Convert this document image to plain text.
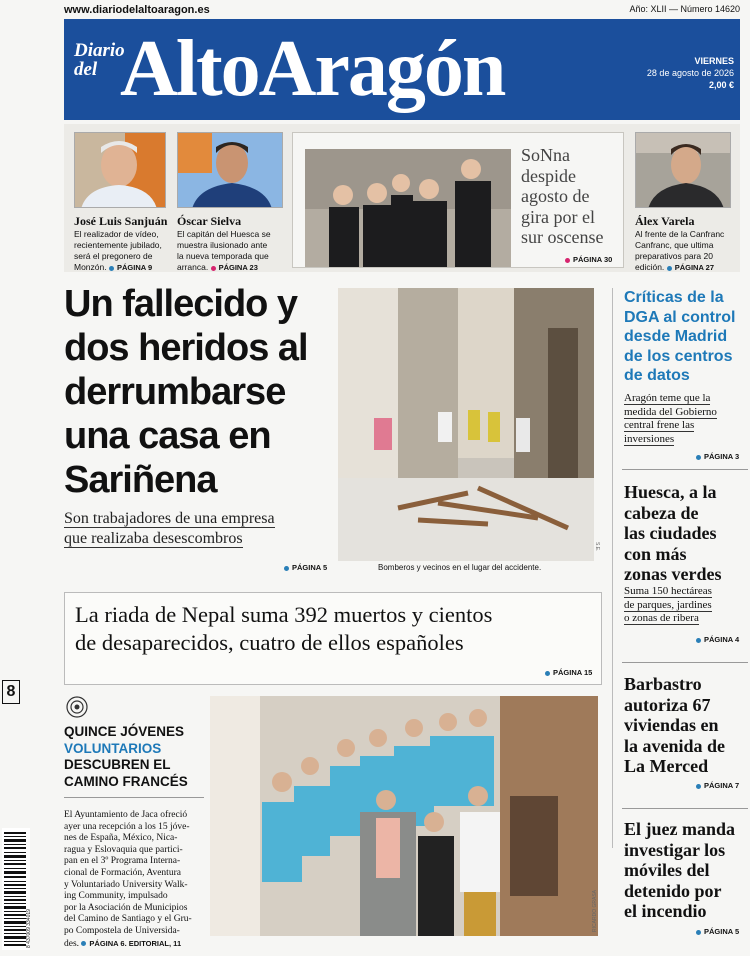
www.diariodelaltoaragon.es	Año: XLII — Número 14620
Diario
del AltoAragón	VIERNES
28 de agosto de 2026
2,00 €
José Luis Sanjuán
El realizador de vídeo,
recientemente jubilado,
será el pregonero de
Monzón. PÁGINA 9
Óscar Sielva
El capitán del Huesca se
muestra ilusionado ante
la nueva temporada que
arranca. PÁGINA 23
SoNna
despide
agosto de
gira por el
sur oscense
PÁGINA 30
Álex Varela
Al frente de la Canfranc
Canfranc, que ultima
preparativos para 20
edición. PÁGINA 27
Un fallecido y
dos heridos al
derrumbarse
una casa en
Sariñena
Son trabajadores de una empresa
que realizaba desescombros
PÁGINA 5	Bomberos y vecinos en el lugar del accidente.
S.E.
Críticas de la
DGA al control
desde Madrid
de los centros
de datos
Aragón teme que la
medida del Gobierno
central frene las
inversiones
PÁGINA 3
Huesca, a la
cabeza de
las ciudades
con más
zonas verdes
Suma 150 hectáreas
de parques, jardines
o zonas de ribera
PÁGINA 4
Barbastro
autoriza 67
viviendas en
la avenida de
La Merced
PÁGINA 7
El juez manda
investigar los
móviles del
detenido por
el incendio
PÁGINA 5
La riada de Nepal suma 392 muertos y cientos
de desaparecidos, cuatro de ellos españoles
PÁGINA 15
QUINCE JÓVENES
VOLUNTARIOS
DESCUBREN EL
CAMINO FRANCÉS
El Ayuntamiento de Jaca ofreció
ayer una recepción a los 15 jóve-
nes de España, México, Nica-
ragua y Eslovaquia que partici-
pan en el 3º Programa Interna-
cional de Formación, Aventura
y Voluntariado University Walk-
ing Community, impulsado
por la Asociación de Municipios
del Camino de Santiago y el Gru-
po Compostela de Universida-
des. PÁGINA 6. EDITORIAL, 11
RICARDO GRASA
8
8 437009 334019
